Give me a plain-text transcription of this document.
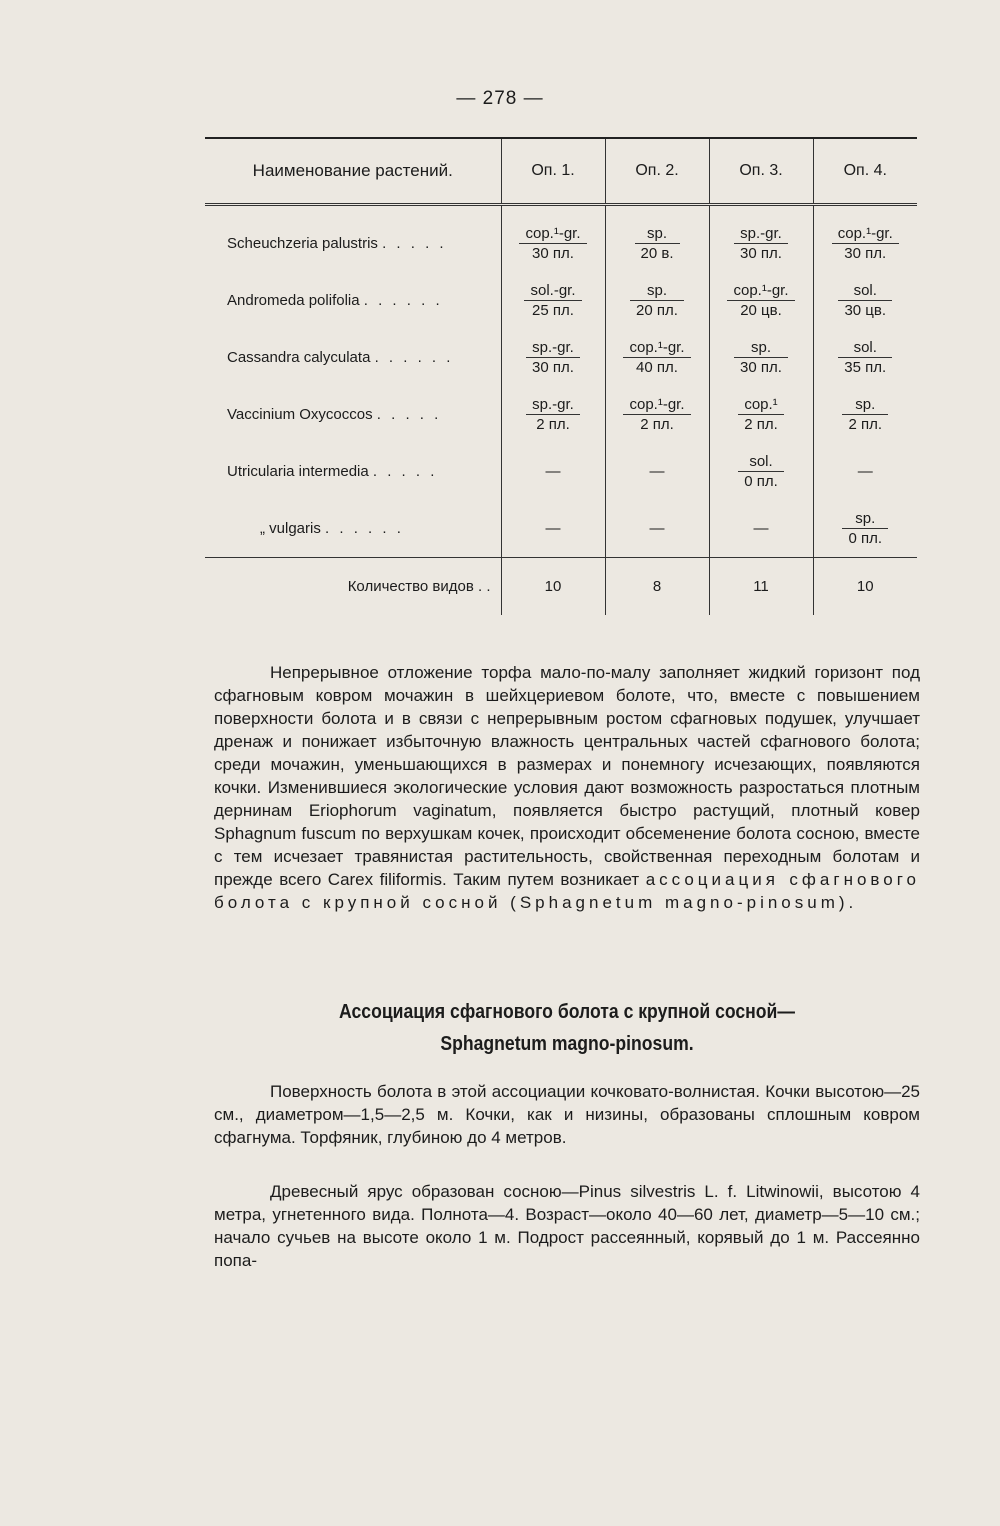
— 278 —
Наименование растений.	Оп. 1.	Оп. 2.	Оп. 3.	Оп. 4.
Scheuchzeria palustris . . . . .	$\frac{\text{cop.¹-gr.}}{30 пл.}$	$\frac{sp.}{20 в.}$	$\frac{sp.-gr.}{30 пл.}$	$\frac{\text{cop.¹-gr.}}{30 пл.}$

Andromeda polifolia . . . . . .	$\frac{\text{sol.-gr.}}{25 пл.}$	$\frac{sp.}{20 пл.}$	$\frac{\text{cop.¹-gr.}}{20 цв.}$	$\frac{\text{sol.}}{30 цв.}$

Cassandra calyculata . . . . . .	$\frac{sp.-gr.}{30 пл.}$	$\frac{\text{cop.¹-gr.}}{40 пл.}$	$\frac{sp.}{30 пл.}$	$\frac{\text{sol.}}{35 пл.}$

Vaccinium Oxycoccos . . . . .	$\frac{sp.-gr.}{2 пл.}$	$\frac{\text{cop.¹-gr.}}{2 пл.}$	$\frac{\text{cop.¹}}{2 пл.}$	$\frac{sp.}{2 пл.}$

Utricularia intermedia . . . . .	—	—	$\frac{\text{sol.}}{0 пл.}$	—
„ vulgaris . . . . . .	—	—	—	$\frac{sp.}{0 пл.}$

Количество видов . .	10	8	11	10
Непрерывное отложение торфа мало-по-малу заполняет жидкий горизонт под сфагновым ковром мочажин в шейхцериевом болоте, что, вместе с повышением поверхности болота и в связи с непрерывным ростом сфагновых подушек, улучшает дренаж и понижает избыточную влажность центральных частей сфагнового болота; среди мочажин, уменьшающихся в размерах и понемногу исчезающих, появляются кочки. Изменившиеся экологические условия дают возможность разростаться плотным дернинам Eriophorum vaginatum, появляется быстро растущий, плотный ковер Sphagnum fuscum по верхушкам кочек, происходит обсеменение болота сосною, вместе с тем исчезает травянистая растительность, свойственная переходным болотам и прежде всего Carex filiformis. Таким путем возникает ассоциация сфагнового болота с крупной сосной (Sphagnetum magno-pinosum).
Ассоциация сфагнового болота с крупной сосной—
Sphagnetum magno-pinosum.
Поверхность болота в этой ассоциации кочковато-волнистая. Кочки высотою—25 см., диаметром—1,5—2,5 м. Кочки, как и низины, образованы сплошным ковром сфагнума. Торфяник, глубиною до 4 метров.
Древесный ярус образован сосною—Pinus silvestris L. f. Litwinowii, высотою 4 метра, угнетенного вида. Полнота—4. Возраст—около 40—60 лет, диаметр—5—10 см.; начало сучьев на высоте около 1 м. Подрост рассеянный, корявый до 1 м. Рассеянно попа-
